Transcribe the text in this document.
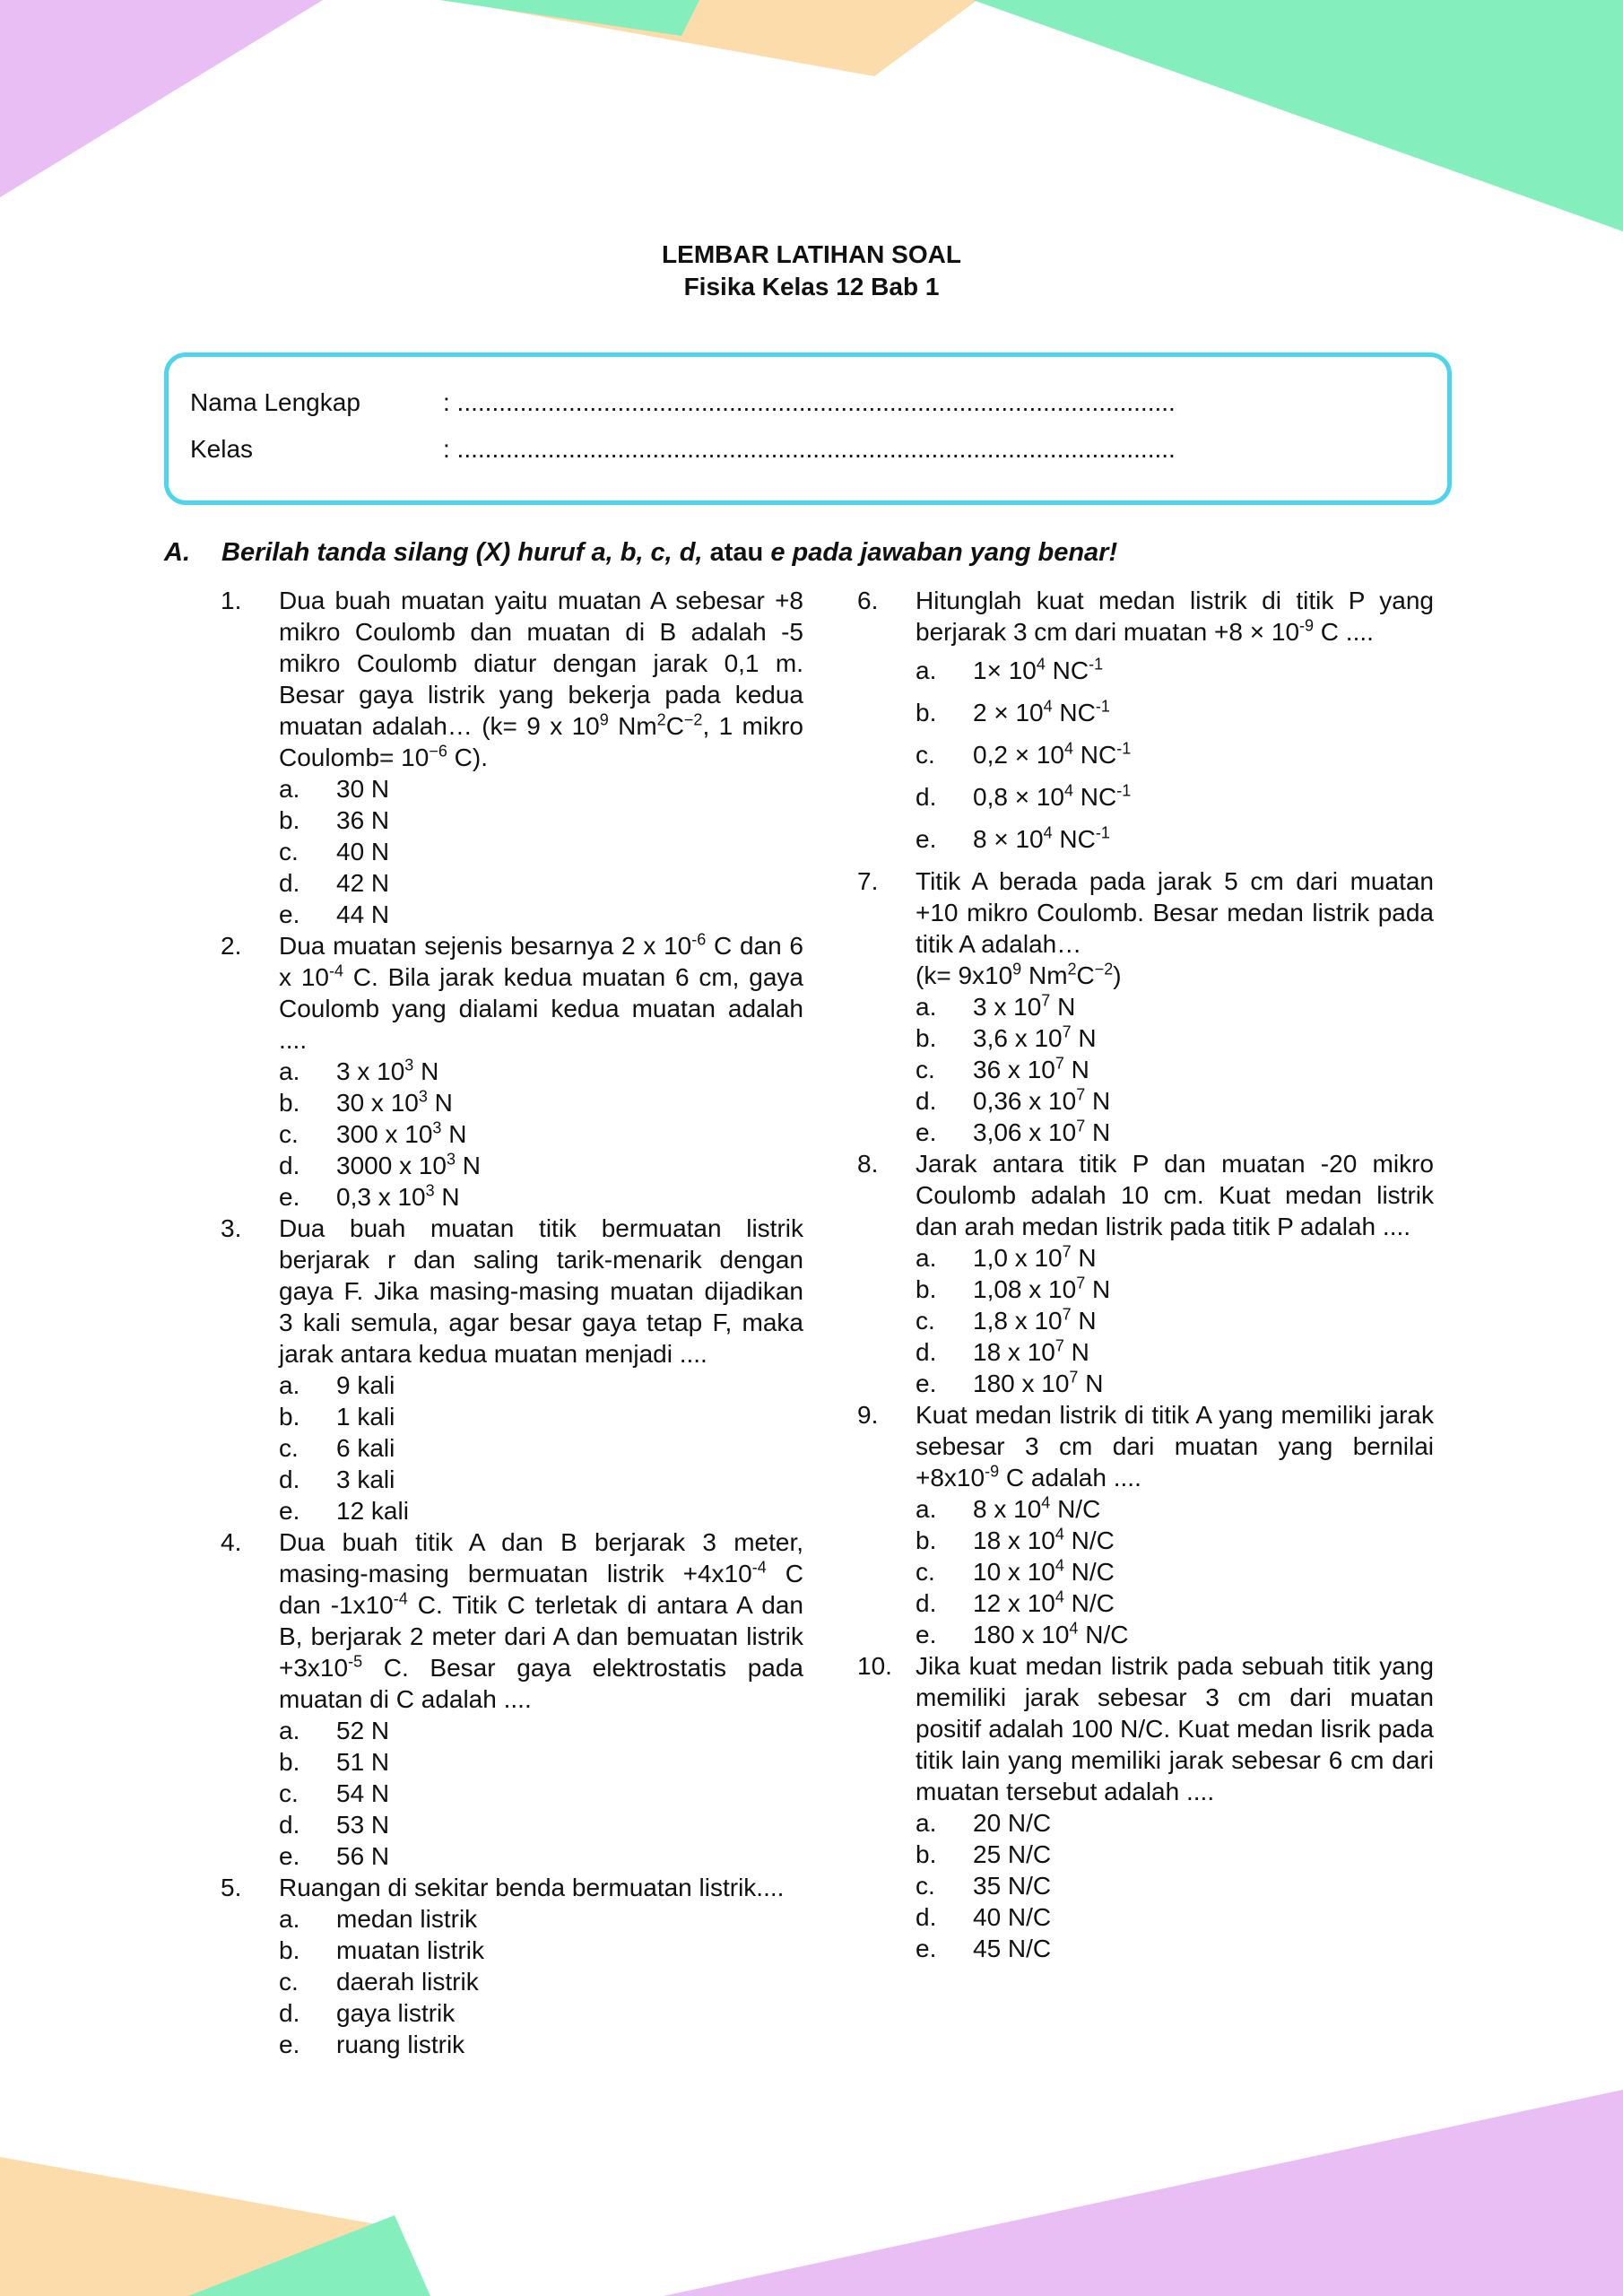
LEMBAR LATIHAN SOAL
Fisika Kelas 12 Bab 1
Nama Lengkap	: .......................................................................................................
Kelas	: .......................................................................................................
A. Berilah tanda silang (X) huruf a, b, c, d, atau e pada jawaban yang benar!
1. Dua buah muatan yaitu muatan A sebesar +8 mikro Coulomb dan muatan di B adalah -5 mikro Coulomb diatur dengan jarak 0,1 m. Besar gaya listrik yang bekerja pada kedua muatan adalah… (k= 9 x $10^9$ $Nm^2C^{-2}$, 1 mikro Coulomb= $10^{-6}$ C).
a. 30 N
b. 36 N
c. 40 N
d. 42 N
e. 44 N
2. Dua muatan sejenis besarnya 2 x $10^{-6}$ C dan 6 x $10^{-4}$ C. Bila jarak kedua muatan 6 cm, gaya Coulomb yang dialami kedua muatan adalah ....
a. 3 x $10^3$ N
b. 30 x $10^3$ N
c. 300 x $10^3$ N
d. 3000 x $10^3$ N
e. 0,3 x $10^3$ N
3. Dua buah muatan titik bermuatan listrik berjarak r dan saling tarik-menarik dengan gaya F. Jika masing-masing muatan dijadikan 3 kali semula, agar besar gaya tetap F, maka jarak antara kedua muatan menjadi ....
a. 9 kali
b. 1 kali
c. 6 kali
d. 3 kali
e. 12 kali
4. Dua buah titik A dan B berjarak 3 meter, masing-masing bermuatan listrik $+4x10^{-4}$ C dan $-1x10^{-4}$ C. Titik C terletak di antara A dan B, berjarak 2 meter dari A dan bemuatan listrik $+3x10^{-5}$ C. Besar gaya elektrostatis pada muatan di C adalah ....
a. 52 N
b. 51 N
c. 54 N
d. 53 N
e. 56 N
5. Ruangan di sekitar benda bermuatan listrik....
a. medan listrik
b. muatan listrik
c. daerah listrik
d. gaya listrik
e. ruang listrik
6. Hitunglah kuat medan listrik di titik P yang berjarak 3 cm dari $muatan +8 \times 10^{-9}$ C ....
a. $1\times 10^4$ $NC^{-1}$
b. $2 \times 10^4$ $NC^{-1}$
c. $0,2 \times 10^4$ $NC^{-1}$
d. $0,8 \times 10^4$ $NC^{-1}$
e. $8 \times 10^4$ $NC^{-1}$
7. Titik A berada pada jarak 5 cm dari muatan +10 mikro Coulomb. Besar medan listrik pada titik A adalah…
($k= 9x10^9$ $Nm^2C^{-2}$)
a. 3 x $10^7$ N
b. 3,6 x $10^7$ N
c. 36 x $10^7$ N
d. 0,36 x $10^7$ N
e. 3,06 x $10^7$ N
8. Jarak antara titik P dan muatan -20 mikro Coulomb adalah 10 cm. Kuat medan listrik dan arah medan listrik pada titik P adalah ....
a. 1,0 x $10^7$ N
b. 1,08 x $10^7$ N
c. 1,8 x $10^7$ N
d. 18 x $10^7$ N
e. 180 x $10^7$ N
9. Kuat medan listrik di titik A yang memiliki jarak sebesar 3 cm dari muatan yang bernilai $+8x10^{-9}$ C adalah ....
a. 8 x $10^4$ N/C
b. 18 x $10^4$ N/C
c. 10 x $10^4$ N/C
d. 12 x $10^4$ N/C
e. 180 x $10^4$ N/C
10. Jika kuat medan listrik pada sebuah titik yang memiliki jarak sebesar 3 cm dari muatan positif adalah 100 N/C. Kuat medan lisrik pada titik lain yang memiliki jarak sebesar 6 cm dari muatan tersebut adalah ....
a. 20 N/C
b. 25 N/C
c. 35 N/C
d. 40 N/C
e. 45 N/C
